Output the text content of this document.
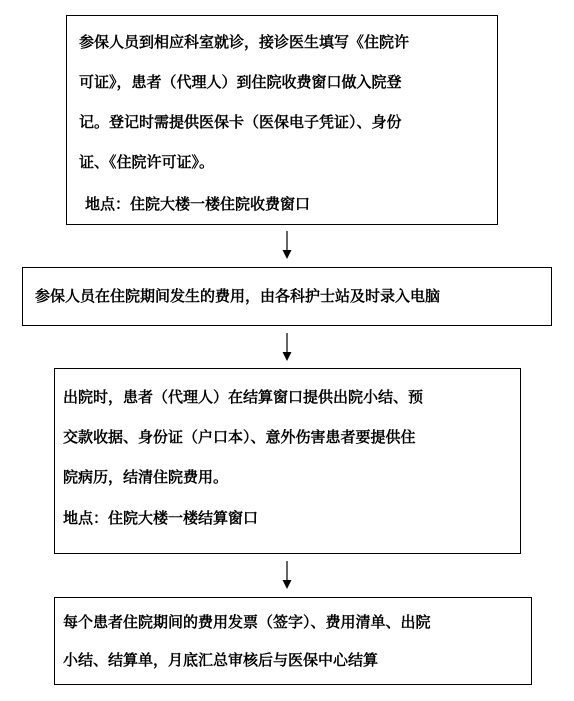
参保人员到相应科室就诊，接诊医生填写《住院许
可证》，患者（代理人）到住院收费窗口做入院登
记。登记时需提供医保卡（医保电子凭证）、身份
证、《住院许可证》。
地点：住院大楼一楼住院收费窗口
参保人员在住院期间发生的费用，由各科护士站及时录入电脑
出院时，患者（代理人）在结算窗口提供出院小结、预
交款收据、身份证（户口本）、意外伤害患者要提供住
院病历，结清住院费用。
地点：住院大楼一楼结算窗口
每个患者住院期间的费用发票（签字）、费用清单、出院
小结、结算单，月底汇总审核后与医保中心结算
